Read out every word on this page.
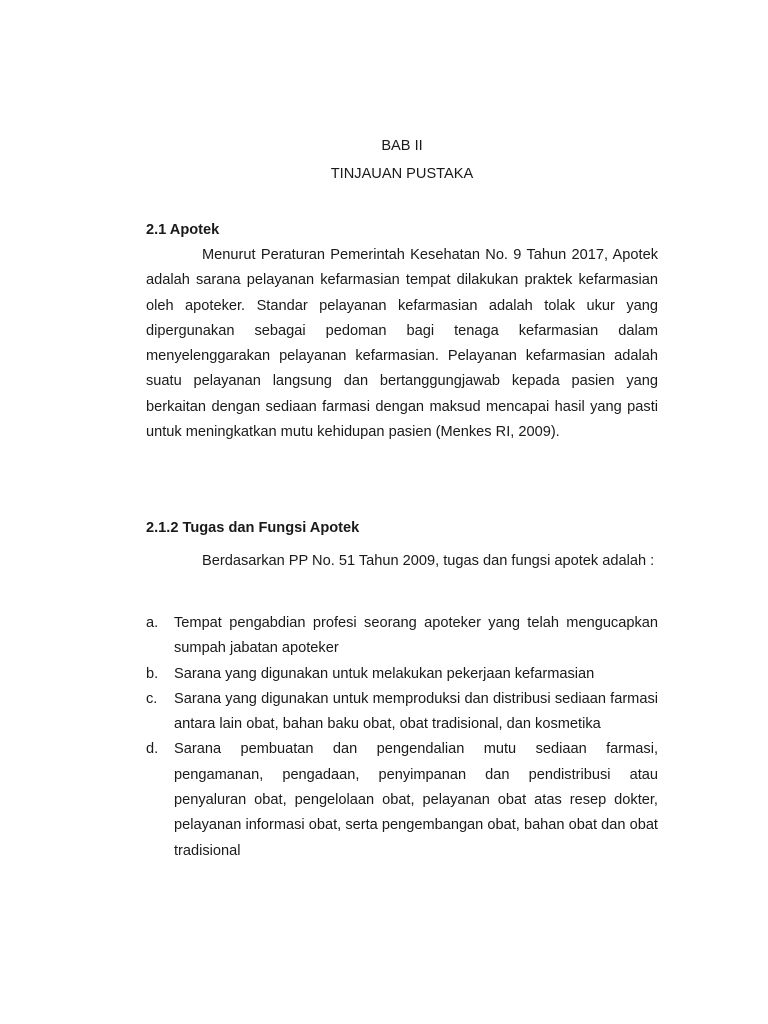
BAB II
TINJAUAN PUSTAKA
2.1 Apotek

Menurut Peraturan Pemerintah Kesehatan No. 9 Tahun 2017, Apotek adalah sarana pelayanan kefarmasian tempat dilakukan praktek kefarmasian oleh apoteker. Standar pelayanan kefarmasian adalah tolak ukur yang dipergunakan sebagai pedoman bagi tenaga kefarmasian dalam menyelenggarakan pelayanan kefarmasian. Pelayanan kefarmasian adalah suatu pelayanan langsung dan bertanggungjawab kepada pasien yang berkaitan dengan sediaan farmasi dengan maksud mencapai hasil yang pasti untuk meningkatkan mutu kehidupan pasien (Menkes RI, 2009).

2.1.2 Tugas dan Fungsi Apotek

Berdasarkan PP No. 51 Tahun 2009, tugas dan fungsi apotek adalah :

a. Tempat pengabdian profesi seorang apoteker yang telah mengucapkan sumpah jabatan apoteker
b. Sarana yang digunakan untuk melakukan pekerjaan kefarmasian
c. Sarana yang digunakan untuk memproduksi dan distribusi sediaan farmasi antara lain obat, bahan baku obat, obat tradisional, dan kosmetika
d. Sarana pembuatan dan pengendalian mutu sediaan farmasi, pengamanan, pengadaan, penyimpanan dan pendistribusi atau penyaluran obat, pengelolaan obat, pelayanan obat atas resep dokter, pelayanan informasi obat, serta pengembangan obat, bahan obat dan obat tradisional
